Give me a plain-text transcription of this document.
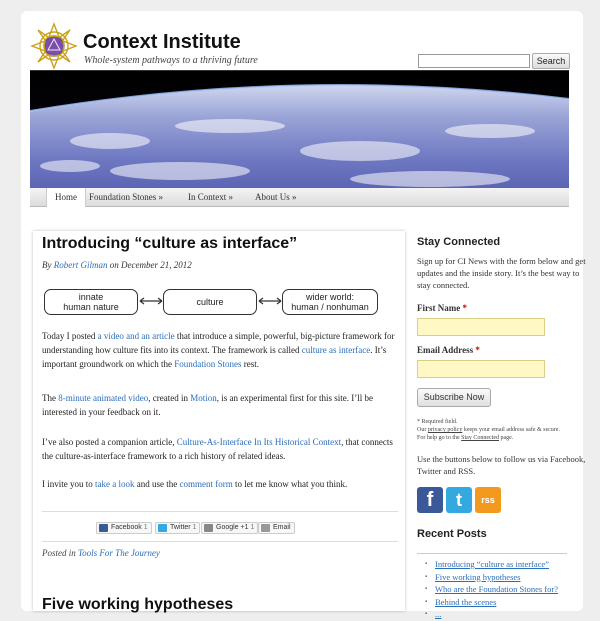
Context Institute
Whole-system pathways to a thriving future	Search
Home	Foundation Stones »	In Context » About Us »
Introducing “culture as interface”
By Robert Gilman on December 21, 2012
innate
human nature
culture
wider world:
human / nonhuman

Today I posted a video and an article that introduce a simple, powerful, big-picture framework for understanding how culture fits into its context. The framework is called culture as interface. It’s important groundwork on which the Foundation Stones rest.

The 8-minute animated video, created in Motion, is an experimental first for this site. I’ll be interested in your feedback on it.

I’ve also posted a companion article, Culture-As-Interface In Its Historical Context, that connects the culture-as-interface framework to a rich history of related ideas.

I invite you to take a look and use the comment form to let me know what you think.

Facebook 1	Twitter 1	Google +1 1	Email
Posted in Tools For The Journey
Stay Connected
Sign up for CI News with the form below and get updates and the inside story. It’s the best way to stay connected.
First Name *
Email Address *
Subscribe Now
* Required field.
Our privacy policy keeps your email address safe & secure.
For help go to the Stay Connected page.
Use the buttons below to follow us via Facebook, Twitter and RSS.
f	t	rss
Recent Posts
▪ Introducing “culture as interface”
▪ Five working hypotheses
▪ Who are the Foundation Stones for?
▪ Behind the scenes
▪ ...
Five working hypotheses
